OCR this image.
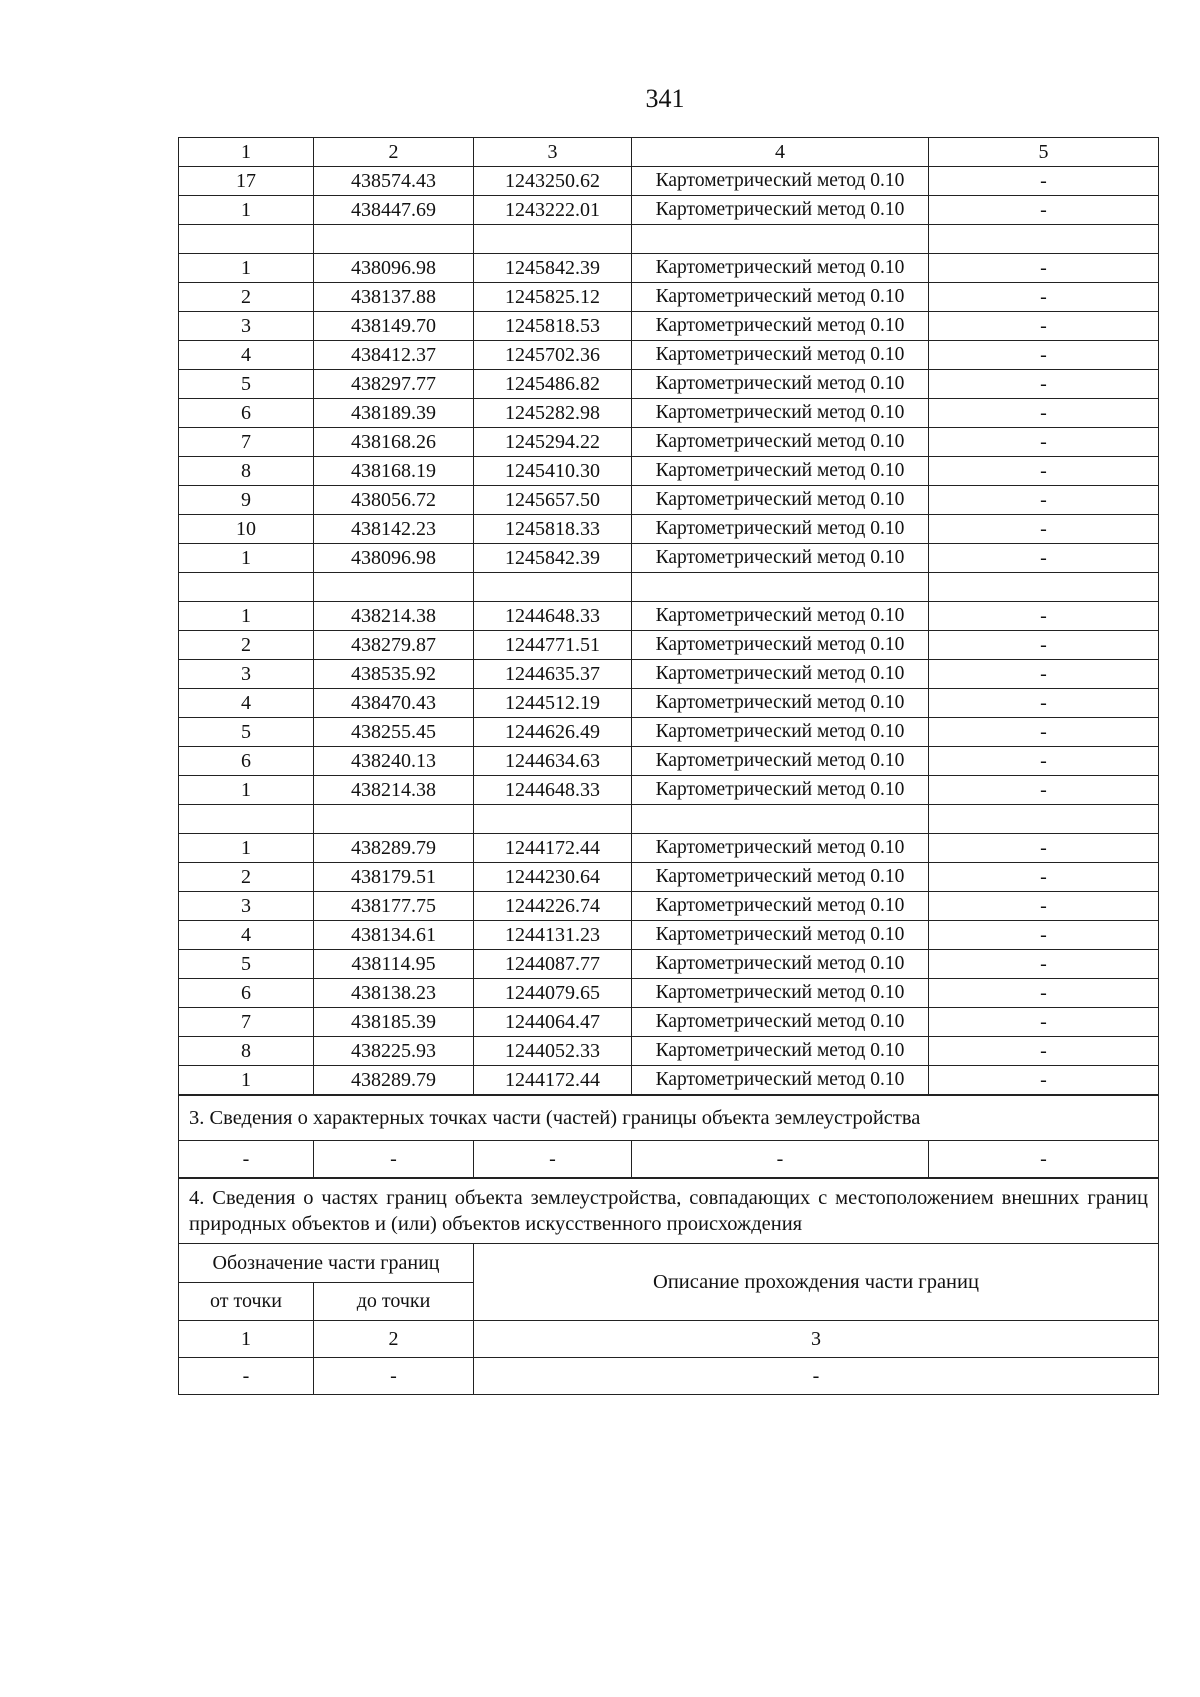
341
1	2	3	4	5
17	438574.43	1243250.62	Картометрический метод 0.10	-
1	438447.69	1243222.01	Картометрический метод 0.10	-

1	438096.98	1245842.39	Картометрический метод 0.10	-
2	438137.88	1245825.12	Картометрический метод 0.10	-
3	438149.70	1245818.53	Картометрический метод 0.10	-
4	438412.37	1245702.36	Картометрический метод 0.10	-
5	438297.77	1245486.82	Картометрический метод 0.10	-
6	438189.39	1245282.98	Картометрический метод 0.10	-
7	438168.26	1245294.22	Картометрический метод 0.10	-
8	438168.19	1245410.30	Картометрический метод 0.10	-
9	438056.72	1245657.50	Картометрический метод 0.10	-
10	438142.23	1245818.33	Картометрический метод 0.10	-
1	438096.98	1245842.39	Картометрический метод 0.10	-

1	438214.38	1244648.33	Картометрический метод 0.10	-
2	438279.87	1244771.51	Картометрический метод 0.10	-
3	438535.92	1244635.37	Картометрический метод 0.10	-
4	438470.43	1244512.19	Картометрический метод 0.10	-
5	438255.45	1244626.49	Картометрический метод 0.10	-
6	438240.13	1244634.63	Картометрический метод 0.10	-
1	438214.38	1244648.33	Картометрический метод 0.10	-

1	438289.79	1244172.44	Картометрический метод 0.10	-
2	438179.51	1244230.64	Картометрический метод 0.10	-
3	438177.75	1244226.74	Картометрический метод 0.10	-
4	438134.61	1244131.23	Картометрический метод 0.10	-
5	438114.95	1244087.77	Картометрический метод 0.10	-
6	438138.23	1244079.65	Картометрический метод 0.10	-
7	438185.39	1244064.47	Картометрический метод 0.10	-
8	438225.93	1244052.33	Картометрический метод 0.10	-
1	438289.79	1244172.44	Картометрический метод 0.10	-
3. Сведения о характерных точках части (частей) границы объекта землеустройства
-	-	-	-	-
4. Сведения о частях границ объекта землеустройства, совпадающих с местоположением внешних границ природных объектов и (или) объектов искусственного происхождения		
Обозначение части границ		Описание прохождения части границ
от точки	до точки	
1	2	3
-	-	-
